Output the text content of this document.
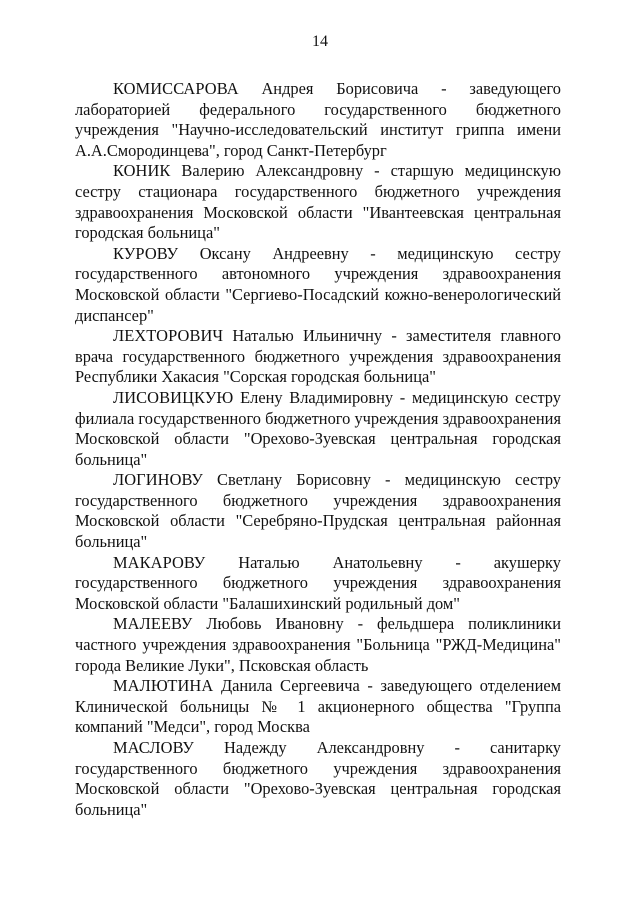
14

КОМИССАРОВА Андрея Борисовича - заведующего лабораторией федерального государственного бюджетного учреждения "Научно-исследовательский институт гриппа имени А.А.Смородинцева", город Санкт-Петербург

КОНИК Валерию Александровну - старшую медицинскую сестру стационара государственного бюджетного учреждения здравоохранения Московской области "Ивантеевская центральная городская больница"

КУРОВУ Оксану Андреевну - медицинскую сестру государственного автономного учреждения здравоохранения Московской области "Сергиево-Посадский кожно-венерологический диспансер"

ЛЕХТОРОВИЧ Наталью Ильиничну - заместителя главного врача государственного бюджетного учреждения здравоохранения Республики Хакасия "Сорская городская больница"

ЛИСОВИЦКУЮ Елену Владимировну - медицинскую сестру филиала государственного бюджетного учреждения здравоохранения Московской области "Орехово-Зуевская центральная городская больница"

ЛОГИНОВУ Светлану Борисовну - медицинскую сестру государственного бюджетного учреждения здравоохранения Московской области "Серебряно-Прудская центральная районная больница"

МАКАРОВУ Наталью Анатольевну - акушерку государственного бюджетного учреждения здравоохранения Московской области "Балашихинский родильный дом"

МАЛЕЕВУ Любовь Ивановну - фельдшера поликлиники частного учреждения здравоохранения "Больница "РЖД-Медицина" города Великие Луки", Псковская область

МАЛЮТИНА Данила Сергеевича - заведующего отделением Клинической больницы № 1 акционерного общества "Группа компаний "Медси", город Москва

МАСЛОВУ Надежду Александровну - санитарку государственного бюджетного учреждения здравоохранения Московской области "Орехово-Зуевская центральная городская больница"
